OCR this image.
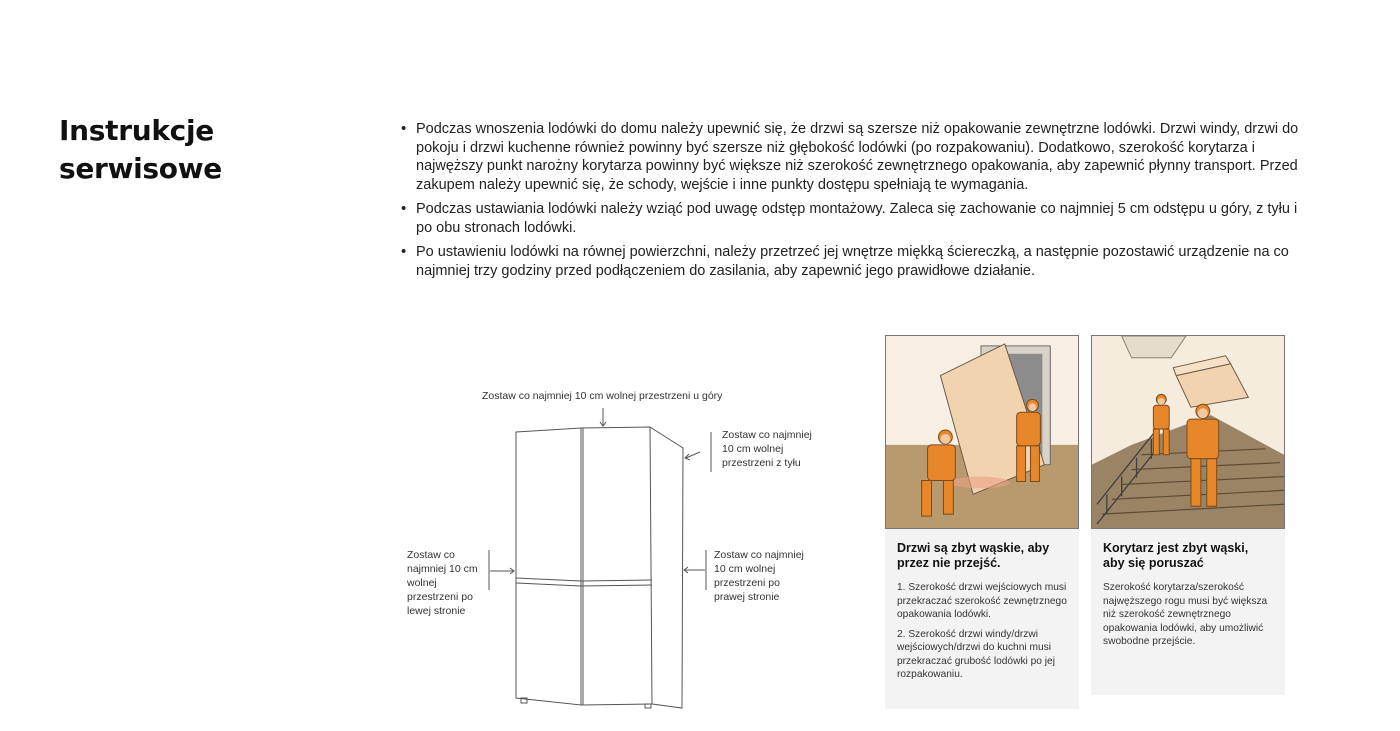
Instrukcje
serwisowe
• Podczas wnoszenia lodówki do domu należy upewnić się, że drzwi są szersze niż opakowanie zewnętrzne lodówki. Drzwi windy, drzwi do pokoju i drzwi kuchenne również powinny być szersze niż głębokość lodówki (po rozpakowaniu). Dodatkowo, szerokość korytarza i najwęższy punkt narożny korytarza powinny być większe niż szerokość zewnętrznego opakowania, aby zapewnić płynny transport. Przed zakupem należy upewnić się, że schody, wejście i inne punkty dostępu spełniają te wymagania.
• Podczas ustawiania lodówki należy wziąć pod uwagę odstęp montażowy. Zaleca się zachowanie co najmniej 5 cm odstępu u góry, z tyłu i po obu stronach lodówki.
• Po ustawieniu lodówki na równej powierzchni, należy przetrzeć jej wnętrze miękką ściereczką, a następnie pozostawić urządzenie na co najmniej trzy godziny przed podłączeniem do zasilania, aby zapewnić jego prawidłowe działanie.
Zostaw co najmniej 10 cm wolnej przestrzeni u góry
Zostaw co najmniej
10 cm wolnej
przestrzeni z tyłu
Zostaw co
najmniej 10 cm
wolnej
przestrzeni po
lewej stronie
Zostaw co najmniej
10 cm wolnej
przestrzeni po
prawej stronie
Drzwi są zbyt wąskie, aby przez nie przejść.

1. Szerokość drzwi wejściowych musi przekraczać szerokość zewnętrznego opakowania lodówki.

2. Szerokość drzwi windy/drzwi wejściowych/drzwi do kuchni musi przekraczać grubość lodówki po jej rozpakowaniu.

Korytarz jest zbyt wąski, aby się poruszać

Szerokość korytarza/szerokość najwęższego rogu musi być większa niż szerokość zewnętrznego opakowania lodówki, aby umożliwić swobodne przejście.
